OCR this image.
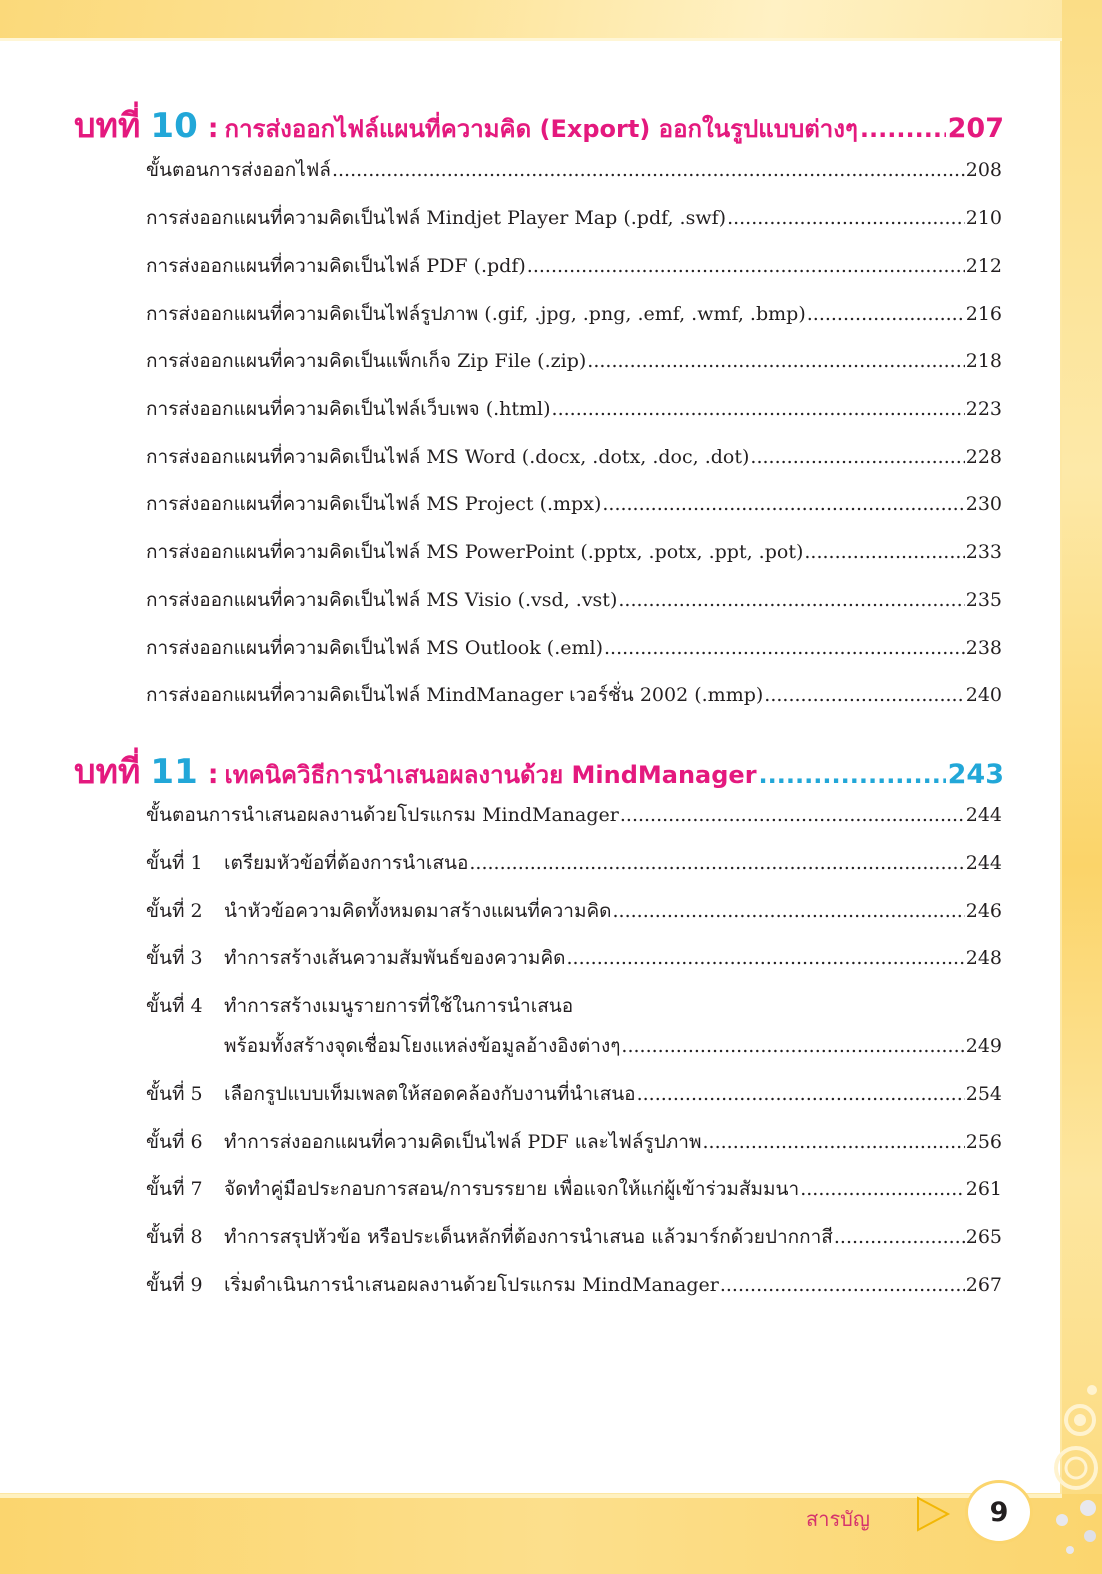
บทที่ 10 : การส่งออกไฟล์แผนที่ความคิด (Export) ออกในรูปแบบต่างๆ .....	207
ขั้นตอนการส่งออกไฟล์ .....	208
การส่งออกแผนที่ความคิดเป็นไฟล์ Mindjet Player Map (.pdf, .swf) .....	210
การส่งออกแผนที่ความคิดเป็นไฟล์ PDF (.pdf) .....	212
การส่งออกแผนที่ความคิดเป็นไฟล์รูปภาพ (.gif, .jpg, .png, .emf, .wmf, .bmp) .....	216
การส่งออกแผนที่ความคิดเป็นแพ็กเก็จ Zip File (.zip) .....	218
การส่งออกแผนที่ความคิดเป็นไฟล์เว็บเพจ (.html) .....	223
การส่งออกแผนที่ความคิดเป็นไฟล์ MS Word (.docx, .dotx, .doc, .dot) .....	228
การส่งออกแผนที่ความคิดเป็นไฟล์ MS Project (.mpx) .....	230
การส่งออกแผนที่ความคิดเป็นไฟล์ MS PowerPoint (.pptx, .potx, .ppt, .pot) .....	233
การส่งออกแผนที่ความคิดเป็นไฟล์ MS Visio (.vsd, .vst) .....	235
การส่งออกแผนที่ความคิดเป็นไฟล์ MS Outlook (.eml) .....	238
การส่งออกแผนที่ความคิดเป็นไฟล์ MindManager เวอร์ชั่น 2002 (.mmp) .....	240
บทที่ 11 : เทคนิควิธีการนำเสนอผลงานด้วย MindManager .....	243
ขั้นตอนการนำเสนอผลงานด้วยโปรแกรม MindManager .....	244
ขั้นที่ 1	เตรียมหัวข้อที่ต้องการนำเสนอ .....	244
ขั้นที่ 2	นำหัวข้อความคิดทั้งหมดมาสร้างแผนที่ความคิด .....	246
ขั้นที่ 3	ทำการสร้างเส้นความสัมพันธ์ของความคิด .....	248
ขั้นที่ 4	ทำการสร้างเมนูรายการที่ใช้ในการนำเสนอ
พร้อมทั้งสร้างจุดเชื่อมโยงแหล่งข้อมูลอ้างอิงต่างๆ .....	249
ขั้นที่ 5	เลือกรูปแบบเท็มเพลตให้สอดคล้องกับงานที่นำเสนอ .....	254
ขั้นที่ 6	ทำการส่งออกแผนที่ความคิดเป็นไฟล์ PDF และไฟล์รูปภาพ .....	256
ขั้นที่ 7	จัดทำคู่มือประกอบการสอน/การบรรยาย เพื่อแจกให้แก่ผู้เข้าร่วมสัมมนา .....	261
ขั้นที่ 8	ทำการสรุปหัวข้อ หรือประเด็นหลักที่ต้องการนำเสนอ แล้วมาร์กด้วยปากกาสี .....	265
ขั้นที่ 9	เริ่มดำเนินการนำเสนอผลงานด้วยโปรแกรม MindManager .....	267
สารบัญ	9
